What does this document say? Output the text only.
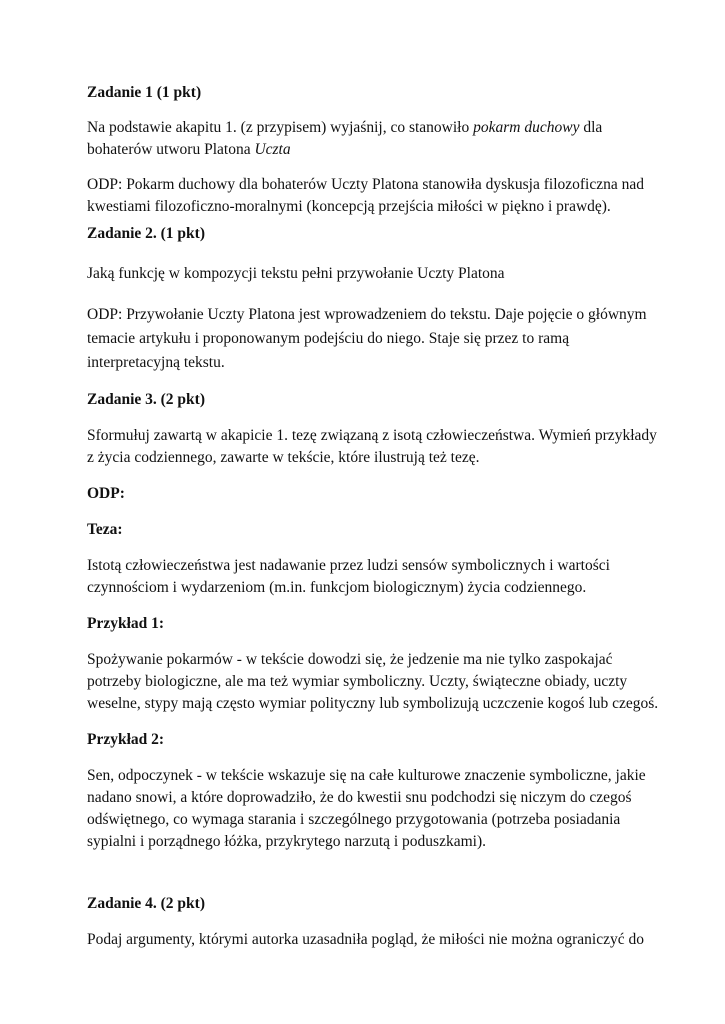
Zadanie 1 (1 pkt)

Na podstawie akapitu 1. (z przypisem) wyjaśnij, co stanowiło pokarm duchowy dla bohaterów utworu Platona Uczta

ODP: Pokarm duchowy dla bohaterów Uczty Platona stanowiła dyskusja filozoficzna nad kwestiami filozoficzno-moralnymi (koncepcją przejścia miłości w piękno i prawdę).

Zadanie 2. (1 pkt)

Jaką funkcję w kompozycji tekstu pełni przywołanie Uczty Platona

ODP: Przywołanie Uczty Platona jest wprowadzeniem do tekstu. Daje pojęcie o głównym temacie artykułu i proponowanym podejściu do niego. Staje się przez to ramą interpretacyjną tekstu.

Zadanie 3. (2 pkt)

Sformułuj zawartą w akapicie 1. tezę związaną z isotą człowieczeństwa. Wymień przykłady z życia codziennego, zawarte w tekście, które ilustrują też tezę.

ODP:

Teza:

Istotą człowieczeństwa jest nadawanie przez ludzi sensów symbolicznych i wartości czynnościom i wydarzeniom (m.in. funkcjom biologicznym) życia codziennego.

Przykład 1:

Spożywanie pokarmów - w tekście dowodzi się, że jedzenie ma nie tylko zaspokajać potrzeby biologiczne, ale ma też wymiar symboliczny. Uczty, świąteczne obiady, uczty weselne, stypy mają często wymiar polityczny lub symbolizują uczczenie kogoś lub czegoś.

Przykład 2:

Sen, odpoczynek - w tekście wskazuje się na całe kulturowe znaczenie symboliczne, jakie nadano snowi, a które doprowadziło, że do kwestii snu podchodzi się niczym do czegoś odświętnego, co wymaga starania i szczególnego przygotowania (potrzeba posiadania sypialni i porządnego łóżka, przykrytego narzutą i poduszkami).

Zadanie 4. (2 pkt)

Podaj argumenty, którymi autorka uzasadniła pogląd, że miłości nie można ograniczyć do
